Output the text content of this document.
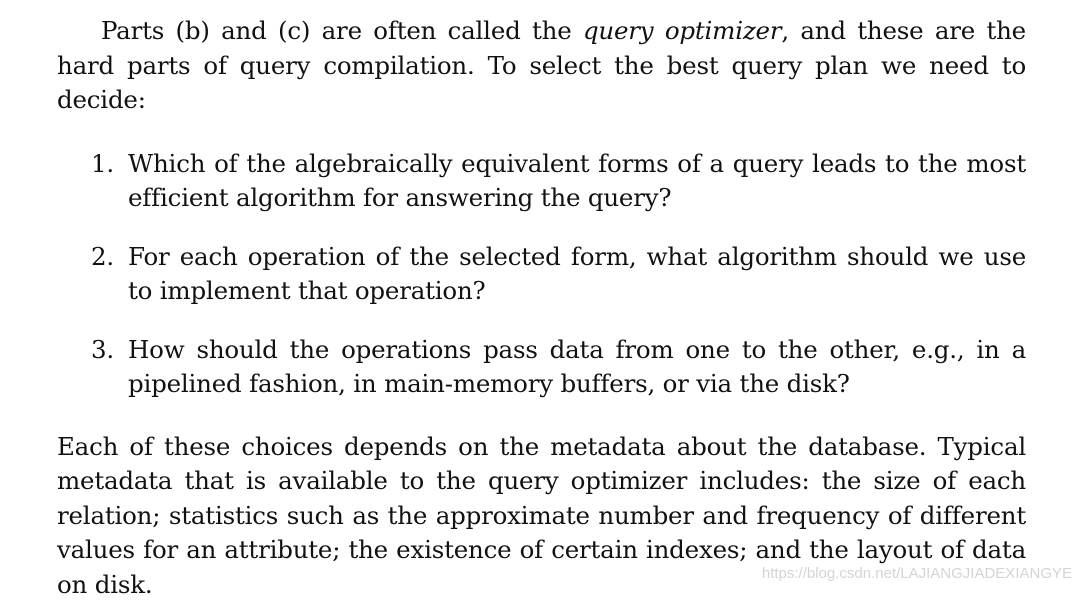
Parts (b) and (c) are often called the query optimizer, and these are the hard parts of query compilation. To select the best query plan we need to decide:

1. Which of the algebraically equivalent forms of a query leads to the most efficient algorithm for answering the query?
2. For each operation of the selected form, what algorithm should we use to implement that operation?
3. How should the operations pass data from one to the other, e.g., in a pipelined fashion, in main-memory buffers, or via the disk?

Each of these choices depends on the metadata about the database. Typical metadata that is available to the query optimizer includes: the size of each relation; statistics such as the approximate number and frequency of different values for an attribute; the existence of certain indexes; and the layout of data on disk.	https://blog.csdn.net/LAJIANGJIADEXIANGYE
